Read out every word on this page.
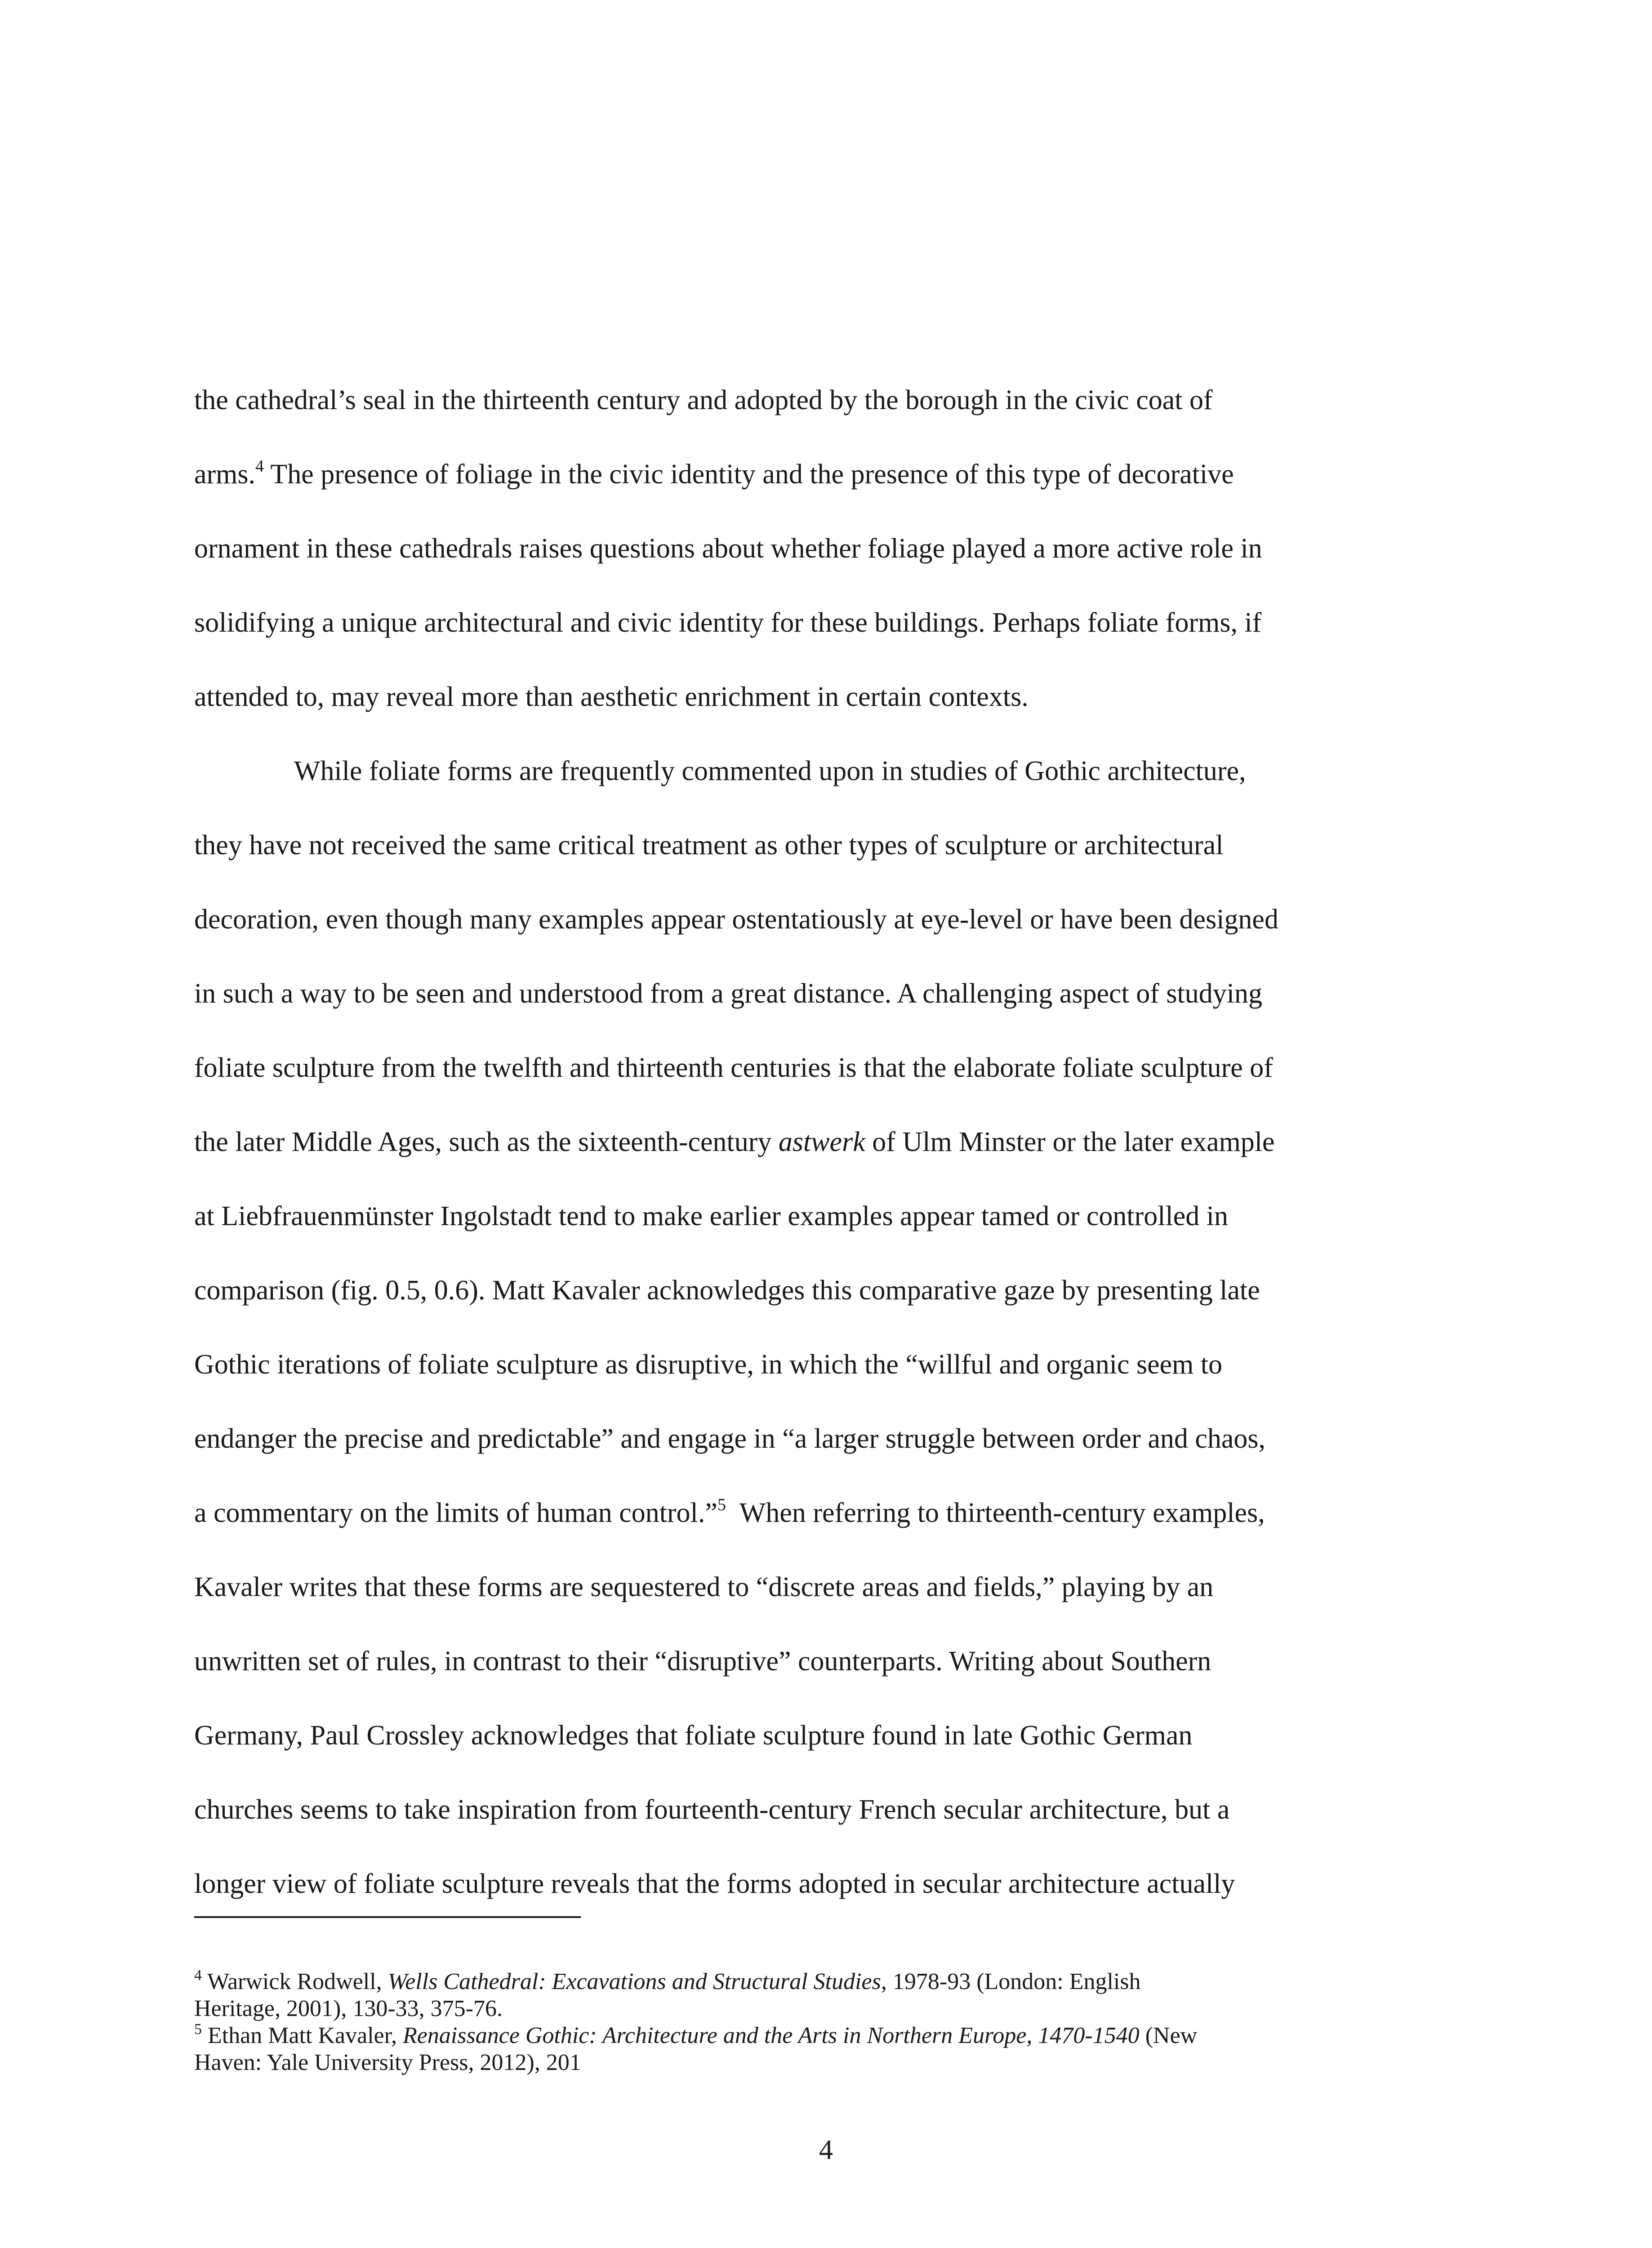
the cathedral’s seal in the thirteenth century and adopted by the borough in the civic coat of
arms.$^4$ The presence of foliage in the civic identity and the presence of this type of decorative
ornament in these cathedrals raises questions about whether foliage played a more active role in
solidifying a unique architectural and civic identity for these buildings. Perhaps foliate forms, if
attended to, may reveal more than aesthetic enrichment in certain contexts.
While foliate forms are frequently commented upon in studies of Gothic architecture,
they have not received the same critical treatment as other types of sculpture or architectural
decoration, even though many examples appear ostentatiously at eye-level or have been designed
in such a way to be seen and understood from a great distance. A challenging aspect of studying
foliate sculpture from the twelfth and thirteenth centuries is that the elaborate foliate sculpture of
the later Middle Ages, such as the sixteenth-century astwerk of Ulm Minster or the later example
at Liebfrauenmünster Ingolstadt tend to make earlier examples appear tamed or controlled in
comparison (fig. 0.5, 0.6). Matt Kavaler acknowledges this comparative gaze by presenting late
Gothic iterations of foliate sculpture as disruptive, in which the “willful and organic seem to
endanger the precise and predictable” and engage in “a larger struggle between order and chaos,
a commentary on the limits of human control.”$^5$  When referring to thirteenth-century examples,
Kavaler writes that these forms are sequestered to “discrete areas and fields,” playing by an
unwritten set of rules, in contrast to their “disruptive” counterparts. Writing about Southern
Germany, Paul Crossley acknowledges that foliate sculpture found in late Gothic German
churches seems to take inspiration from fourteenth-century French secular architecture, but a
longer view of foliate sculpture reveals that the forms adopted in secular architecture actually
$^4$ Warwick Rodwell, Wells Cathedral: Excavations and Structural Studies, 1978-93 (London: English
Heritage, 2001), 130-33, 375-76.
$^5$ Ethan Matt Kavaler, Renaissance Gothic: Architecture and the Arts in Northern Europe, 1470-1540 (New
Haven: Yale University Press, 2012), 201
4
